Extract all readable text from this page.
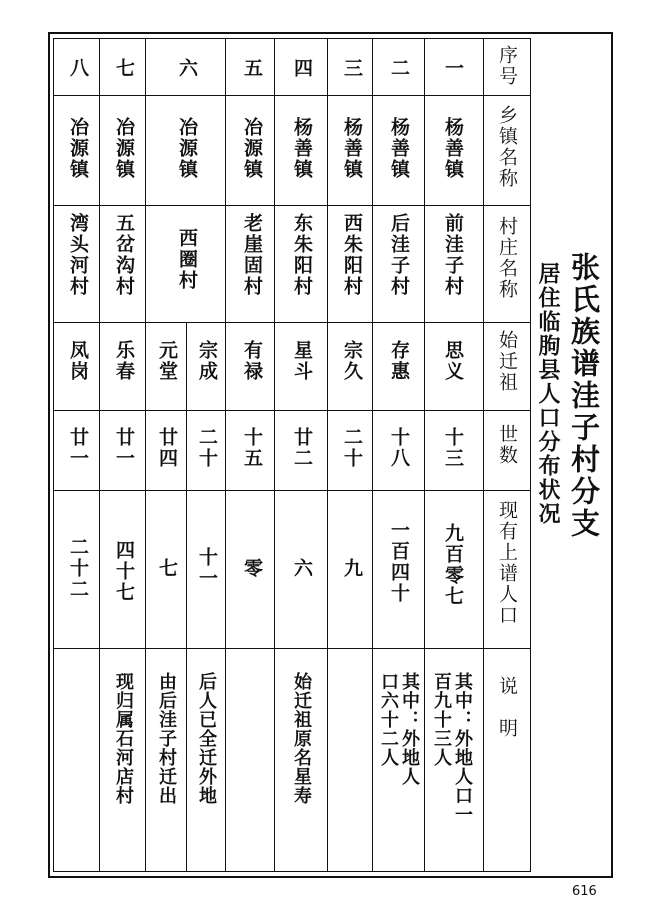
张氏族谱洼子村分支
居住临朐县人口分布状况
序号
乡镇名称
村庄名称
始迁祖
世数
现有上谱人口
说　明
一
杨善镇
前洼子村
思义
十三
九百零七
其中：外地人口一
百九十三人
二
杨善镇
后洼子村
存惠
十八
一百四十
其中：外地人
口六十二人
三
杨善镇
西朱阳村
宗久
二十
九
四
杨善镇
东朱阳村
星斗
廿二
六
始迁祖原名星寿
五
冶源镇
老崖固村
有禄
十五
零
六
冶源镇
西圈村
宗成
二十
十一
后人已全迁外地
元堂
廿四
七
由后洼子村迁出
七
冶源镇
五岔沟村
乐春
廿一
四十七
现归属石河店村
八
冶源镇
湾头河村
凤岗
廿一
二十二
616
